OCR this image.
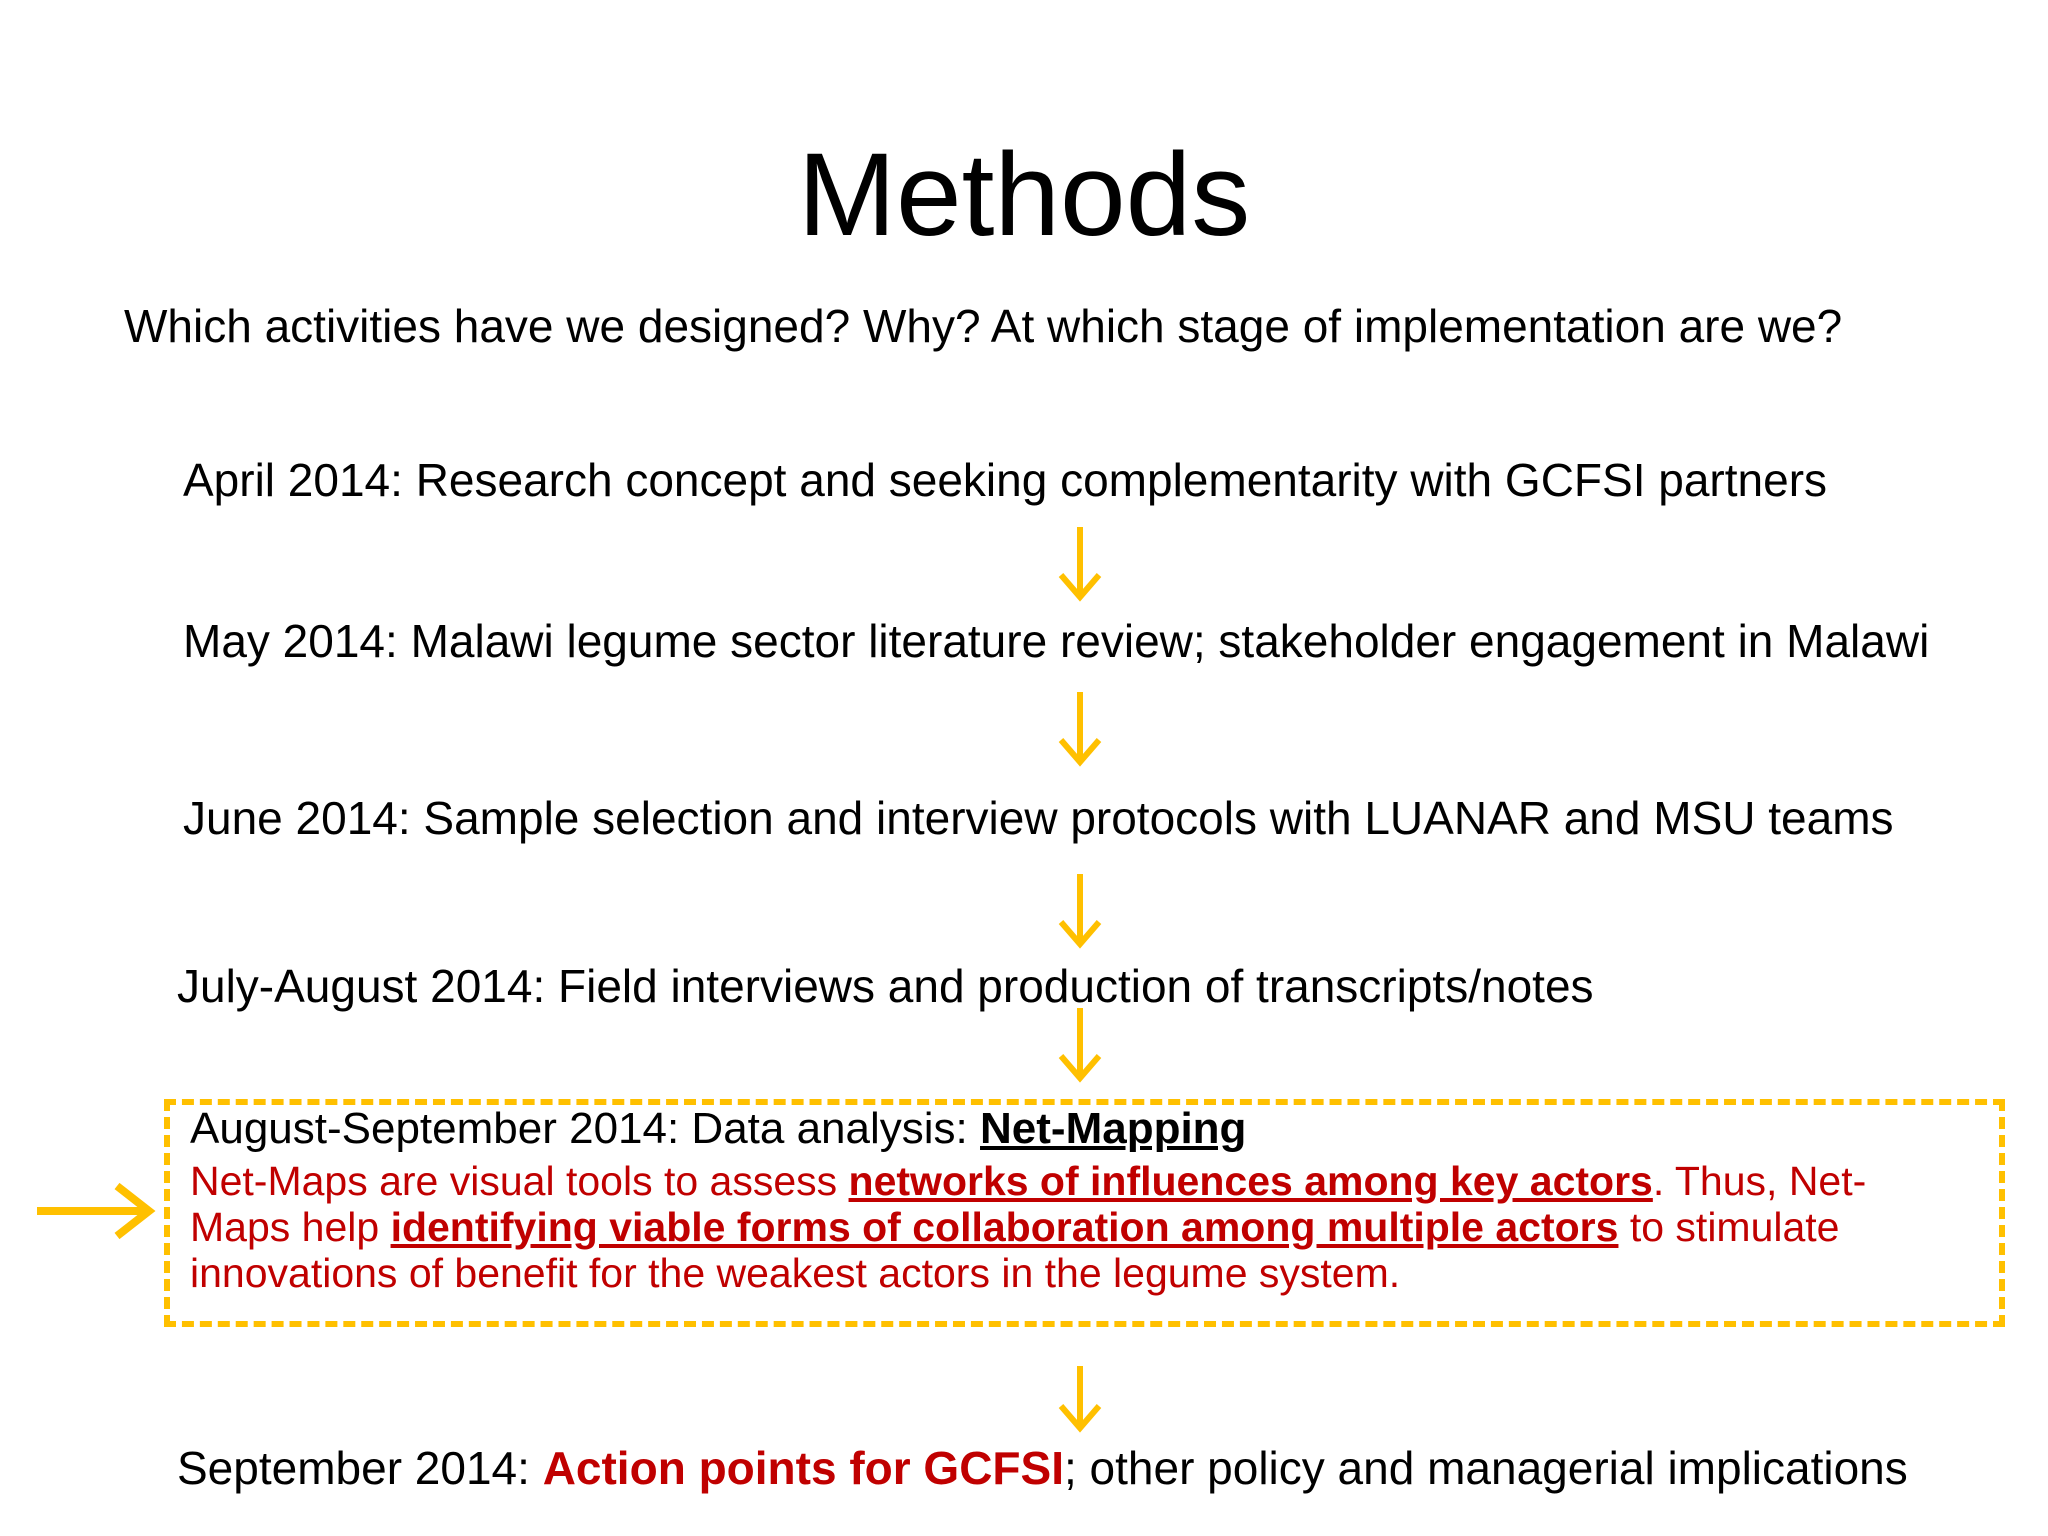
Methods
Which activities have we designed? Why? At which stage of implementation are we?
April 2014: Research concept and seeking complementarity with GCFSI partners
May 2014: Malawi legume sector literature review; stakeholder engagement in Malawi
June 2014: Sample selection and interview protocols with LUANAR and MSU teams
July-August 2014: Field interviews and production of transcripts/notes
August-September 2014: Data analysis: Net-Mapping
Net-Maps are visual tools to assess networks of influences among key actors. Thus, Net-Maps help identifying viable forms of collaboration among multiple actors to stimulate innovations of benefit for the weakest actors in the legume system.
September 2014: Action points for GCFSI; other policy and managerial implications
